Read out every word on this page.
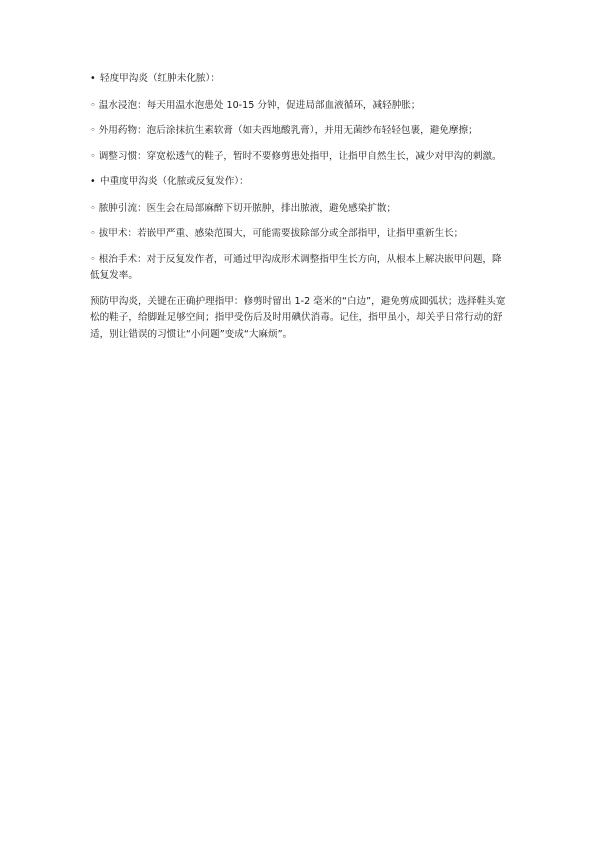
• 轻度甲沟炎（红肿未化脓）：

◦ 温水浸泡：每天用温水泡患处 10-15 分钟，促进局部血液循环，减轻肿胀；

◦ 外用药物：泡后涂抹抗生素软膏（如夫西地酸乳膏），并用无菌纱布轻轻包裹，避免摩擦；

◦ 调整习惯：穿宽松透气的鞋子，暂时不要修剪患处指甲，让指甲自然生长，减少对甲沟的刺激。

• 中重度甲沟炎（化脓或反复发作）：

◦ 脓肿引流：医生会在局部麻醉下切开脓肿，排出脓液，避免感染扩散；

◦ 拔甲术：若嵌甲严重、感染范围大，可能需要拔除部分或全部指甲，让指甲重新生长；

◦ 根治手术：对于反复发作者，可通过甲沟成形术调整指甲生长方向，从根本上解决嵌甲问题，降低复发率。

预防甲沟炎，关键在正确护理指甲：修剪时留出 1-2 毫米的“白边”，避免剪成圆弧状；选择鞋头宽松的鞋子，给脚趾足够空间；指甲受伤后及时用碘伏消毒。记住，指甲虽小，却关乎日常行动的舒适，别让错误的习惯让“小问题”变成“大麻烦”。
